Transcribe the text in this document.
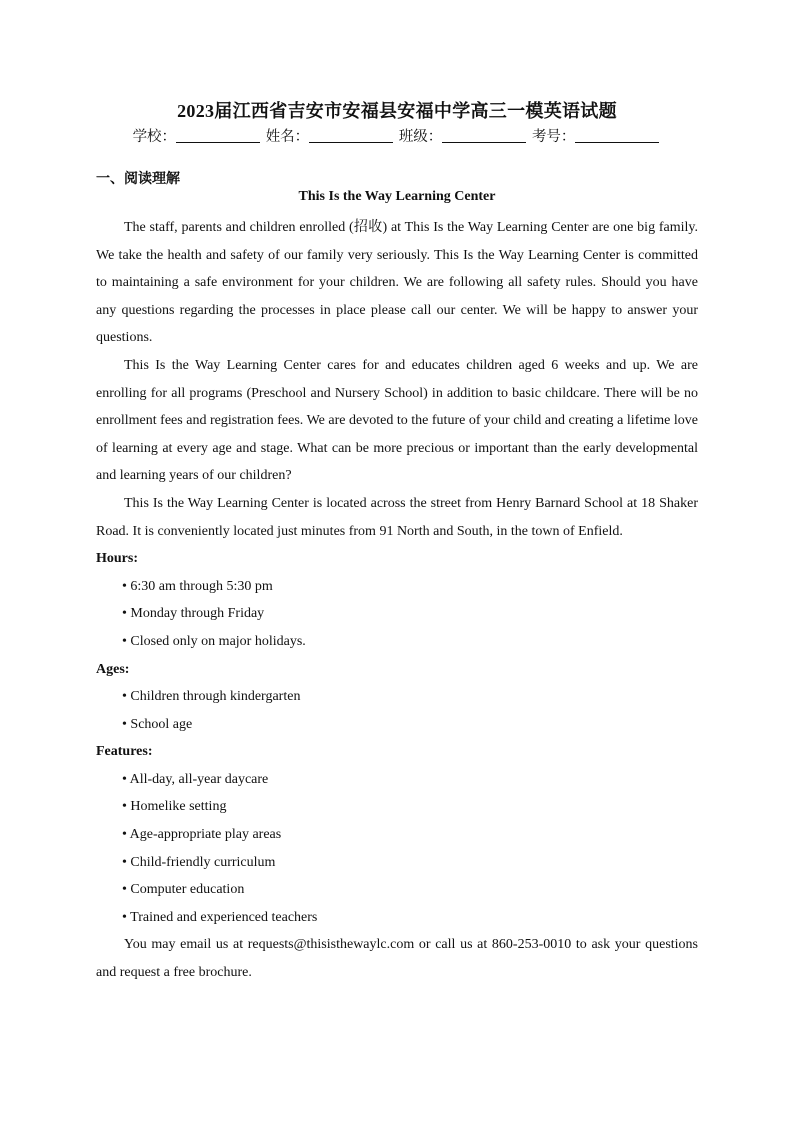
2023届江西省吉安市安福县安福中学高三一模英语试题
学校：	姓名：	班级：	考号：
一、阅读理解
This Is the Way Learning Center

The staff, parents and children enrolled (招收) at This Is the Way Learning Center are one big family. We take the health and safety of our family very seriously. This Is the Way Learning Center is committed to maintaining a safe environment for your children. We are following all safety rules. Should you have any questions regarding the processes in place please call our center. We will be happy to answer your questions.

This Is the Way Learning Center cares for and educates children aged 6 weeks and up. We are enrolling for all programs (Preschool and Nursery School) in addition to basic childcare. There will be no enrollment fees and registration fees. We are devoted to the future of your child and creating a lifetime love of learning at every age and stage. What can be more precious or important than the early developmental and learning years of our children?

This Is the Way Learning Center is located across the street from Henry Barnard School at 18 Shaker Road. It is conveniently located just minutes from 91 North and South, in the town of Enfield.

Hours:

• 6:30 am through 5:30 pm

• Monday through Friday

• Closed only on major holidays.

Ages:

• Children through kindergarten

• School age

Features:

• All-day, all-year daycare

• Homelike setting

• Age-appropriate play areas

• Child-friendly curriculum

• Computer education

• Trained and experienced teachers

You may email us at requests@thisisthewaylc.com or call us at 860-253-0010 to ask your questions and request a free brochure.
